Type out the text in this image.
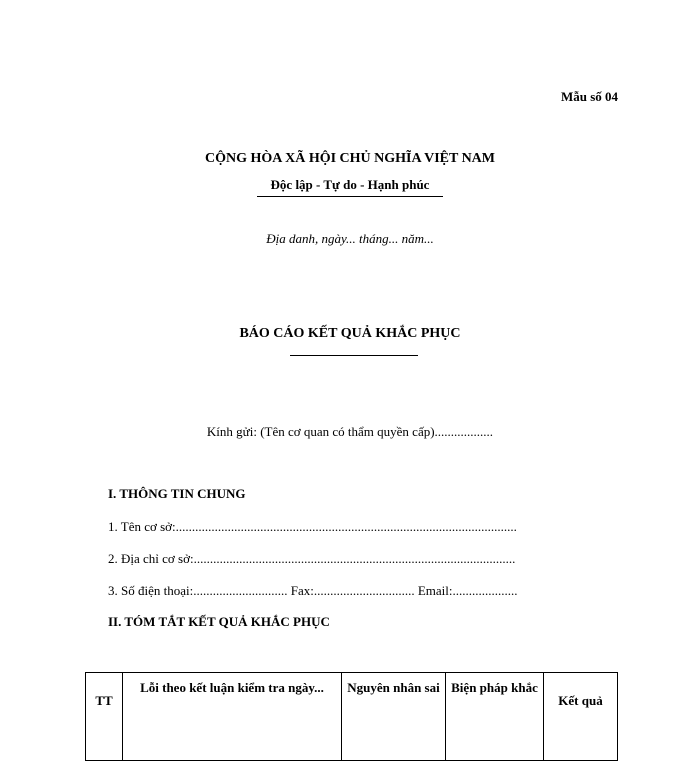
Mẫu số 04
CỘNG HÒA XÃ HỘI CHỦ NGHĨA VIỆT NAM
Độc lập - Tự do - Hạnh phúc
Địa danh, ngày... tháng... năm...
BÁO CÁO KẾT QUẢ KHẮC PHỤC
Kính gửi: (Tên cơ quan có thẩm quyền cấp)..................
I. THÔNG TIN CHUNG
1. Tên cơ sở:.........................................................................................................
2. Địa chỉ cơ sở:...................................................................................................
3. Số điện thoại:............................. Fax:............................... Email:....................
II. TÓM TẮT KẾT QUẢ KHẮC PHỤC
TT	Lỗi theo kết luận kiểm tra ngày...	Nguyên nhân sai	Biện pháp khắc	Kết quả
